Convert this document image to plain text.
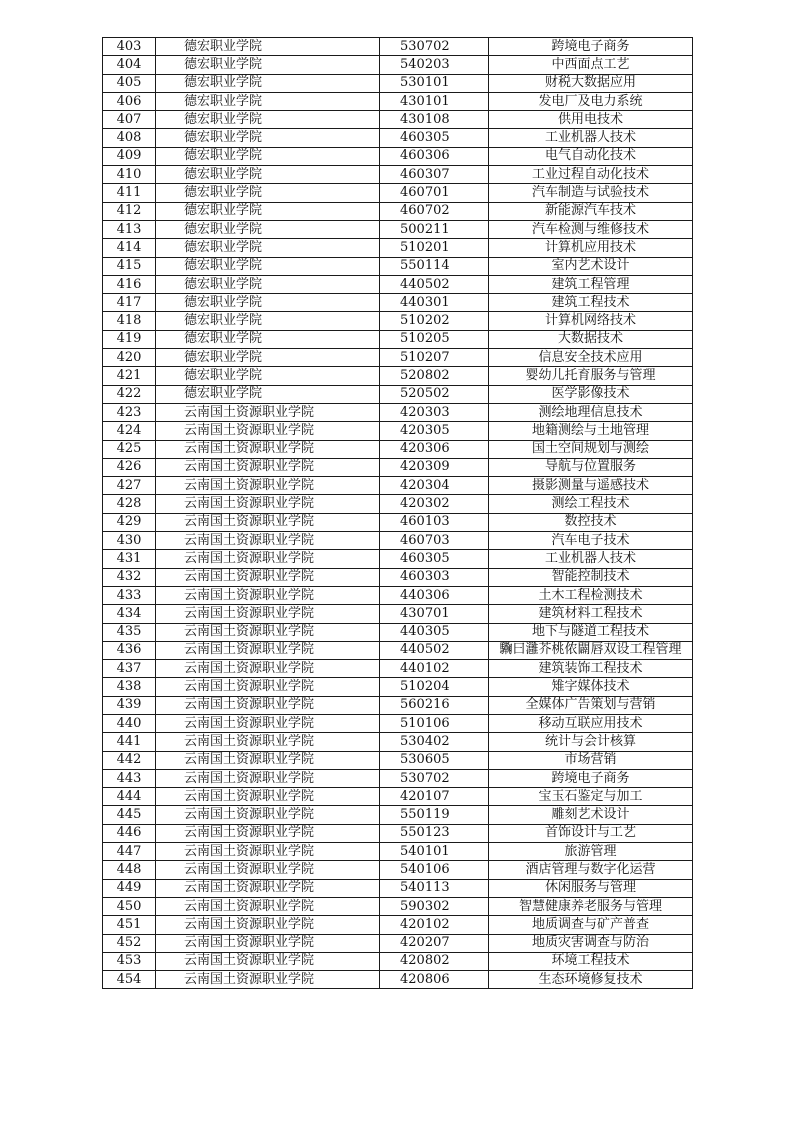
403	德宏职业学院	530702	跨境电子商务
404	德宏职业学院	540203	中西面点工艺
405	德宏职业学院	530101	财税大数据应用
406	德宏职业学院	430101	发电厂及电力系统
407	德宏职业学院	430108	供用电技术
408	德宏职业学院	460305	工业机器人技术
409	德宏职业学院	460306	电气自动化技术
410	德宏职业学院	460307	工业过程自动化技术
411	德宏职业学院	460701	汽车制造与试验技术
412	德宏职业学院	460702	新能源汽车技术
413	德宏职业学院	500211	汽车检测与维修技术
414	德宏职业学院	510201	计算机应用技术
415	德宏职业学院	550114	室内艺术设计
416	德宏职业学院	440502	建筑工程管理
417	德宏职业学院	440301	建筑工程技术
418	德宏职业学院	510202	计算机网络技术
419	德宏职业学院	510205	大数据技术
420	德宏职业学院	510207	信息安全技术应用
421	德宏职业学院	520802	婴幼儿托育服务与管理
422	德宏职业学院	520502	医学影像技术
423	云南国土资源职业学院	420303	测绘地理信息技术
424	云南国土资源职业学院	420305	地籍测绘与土地管理
425	云南国土资源职业学院	420306	国土空间规划与测绘
426	云南国土资源职业学院	420309	导航与位置服务
427	云南国土资源职业学院	420304	摄影测量与遥感技术
428	云南国土资源职业学院	420302	测绘工程技术
429	云南国土资源职业学院	460103	数控技术
430	云南国土资源职业学院	460703	汽车电子技术
431	云南国土资源职业学院	460305	工业机器人技术
432	云南国土资源职业学院	460303	智能控制技术
433	云南国土资源职业学院	440306	土木工程检测技术
434	云南国土资源职业学院	430701	建筑材料工程技术
435	云南国土资源职业学院	440305	地下与隧道工程技术
436	云南国土资源职业学院	440502	驧曰灉芥桃侬闢唇双设工程管理
437	云南国土资源职业学院	440102	建筑装饰工程技术
438	云南国土资源职业学院	510204	雉字媒体技术
439	云南国土资源职业学院	560216	全媒体广告策划与营销
440	云南国土资源职业学院	510106	移动互联应用技术
441	云南国土资源职业学院	530402	统计与会计核算
442	云南国土资源职业学院	530605	市场营销
443	云南国土资源职业学院	530702	跨境电子商务
444	云南国土资源职业学院	420107	宝玉石鉴定与加工
445	云南国土资源职业学院	550119	雕刻艺术设计
446	云南国土资源职业学院	550123	首饰设计与工艺
447	云南国土资源职业学院	540101	旅游管理
448	云南国土资源职业学院	540106	酒店管理与数字化运营
449	云南国土资源职业学院	540113	休闲服务与管理
450	云南国土资源职业学院	590302	智慧健康养老服务与管理
451	云南国土资源职业学院	420102	地质调查与矿产普查
452	云南国土资源职业学院	420207	地质灾害调查与防治
453	云南国土资源职业学院	420802	环境工程技术
454	云南国土资源职业学院	420806	生态环境修复技术
